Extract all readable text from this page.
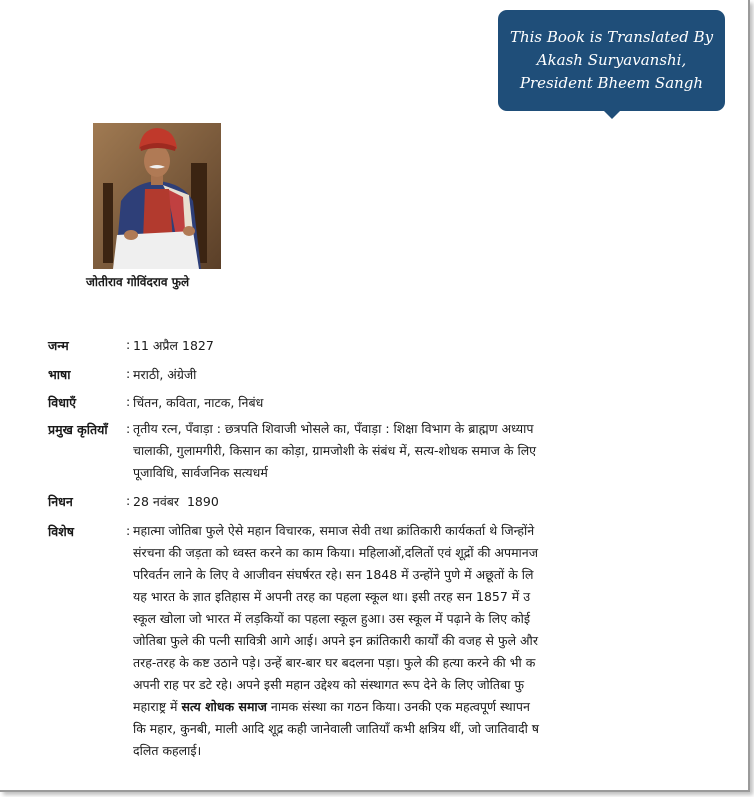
This Book is Translated By
Akash Suryavanshi,
President Bheem Sangh
जोतीराव गोविंदराव फुले
जन्म	: 11 अप्रैल 1827
भाषा	: मराठी, अंग्रेजी
विधाएँ	: चिंतन, कविता, नाटक, निबंध
प्रमुख कृतियाँ : तृतीय रत्न, पँवाड़ा : छत्रपति शिवाजी भोसले का, पँवाड़ा : शिक्षा विभाग के ब्राह्मण अध्याप
चालाकी, गुलामगीरी, किसान का कोड़ा, ग्रामजोशी के संबंध में, सत्य-शोधक समाज के लिए
पूजाविधि, सार्वजनिक सत्यधर्म
निधन	: 28 नवंबर  1890
विशेष	: महात्मा जोतिबा फुले ऐसे महान विचारक, समाज सेवी तथा क्रांतिकारी कार्यकर्ता थे जिन्होंने
संरचना की जड़ता को ध्वस्त करने का काम किया। महिलाओं,दलितों एवं शूद्रों की अपमानज
परिवर्तन लाने के लिए वे आजीवन संघर्षरत रहे। सन 1848 में उन्होंने पुणे में अछूतों के लि
यह भारत के ज्ञात इतिहास में अपनी तरह का पहला स्कूल था। इसी तरह सन 1857 में उ
स्कूल खोला जो भारत में लड़कियों का पहला स्कूल हुआ। उस स्कूल में पढ़ाने के लिए कोई
जोतिबा फुले की पत्नी सावित्री आगे आई। अपने इन क्रांतिकारी कार्यों की वजह से फुले और
तरह-तरह के कष्ट उठाने पड़े। उन्हें बार-बार घर बदलना पड़ा। फुले की हत्या करने की भी क
अपनी राह पर डटे रहे। अपने इसी महान उद्देश्य को संस्थागत रूप देने के लिए जोतिबा फु
महाराष्ट्र में सत्य शोधक समाज नामक संस्था का गठन किया। उनकी एक महत्वपूर्ण स्थापन
कि महार, कुनबी, माली आदि शूद्र कही जानेवाली जातियाँ कभी क्षत्रिय थीं, जो जातिवादी ष
दलित कहलाई।
